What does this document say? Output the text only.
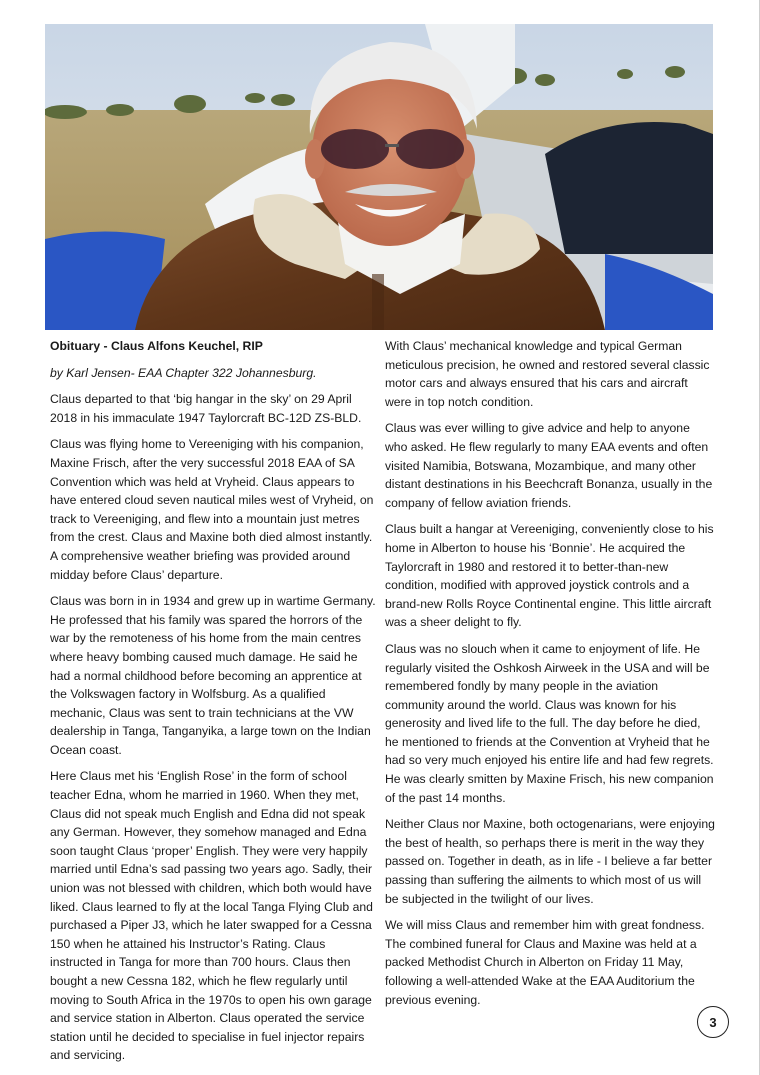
Obituary - Claus Alfons Keuchel, RIP

by Karl Jensen- EAA Chapter 322 Johannesburg.

Claus departed to that ‘big hangar in the sky’ on 29 April 2018 in his immaculate 1947 Taylorcraft BC-12D ZS-BLD.

Claus was flying home to Vereeniging with his companion, Maxine Frisch, after the very successful 2018 EAA of SA Convention which was held at Vryheid. Claus appears to have entered cloud seven nautical miles west of Vryheid, on track to Vereeniging, and flew into a mountain just metres from the crest. Claus and Maxine both died almost instantly. A comprehensive weather briefing was provided around midday before Claus’ departure.

Claus was born in in 1934 and grew up in wartime Germany. He professed that his family was spared the horrors of the war by the remoteness of his home from the main centres where heavy bombing caused much damage. He said he had a normal childhood before becoming an apprentice at the Volkswagen factory in Wolfsburg. As a qualified mechanic, Claus was sent to train technicians at the VW dealership in Tanga, Tanganyika, a large town on the Indian Ocean coast.

Here Claus met his ‘English Rose’ in the form of school teacher Edna, whom he married in 1960. When they met, Claus did not speak much English and Edna did not speak any German. However, they somehow managed and Edna soon taught Claus ‘proper’ English. They were very happily married until Edna’s sad passing two years ago. Sadly, their union was not blessed with children, which both would have liked. Claus learned to fly at the local Tanga Flying Club and purchased a Piper J3, which he later swapped for a Cessna 150 when he attained his Instructor’s Rating. Claus instructed in Tanga for more than 700 hours. Claus then bought a new Cessna 182, which he flew regularly until moving to South Africa in the 1970s to open his own garage and service station in Alberton. Claus operated the service station until he decided to specialise in fuel injector repairs and servicing.

With Claus’ mechanical knowledge and typical German meticulous precision, he owned and restored several classic motor cars and always ensured that his cars and aircraft were in top notch condition.

Claus was ever willing to give advice and help to anyone who asked. He flew regularly to many EAA events and often visited Namibia, Botswana, Mozambique, and many other distant destinations in his Beechcraft Bonanza, usually in the company of fellow aviation friends.

Claus built a hangar at Vereeniging, conveniently close to his home in Alberton to house his ‘Bonnie’. He acquired the Taylorcraft in 1980 and restored it to better-than-new condition, modified with approved joystick controls and a brand-new Rolls Royce Continental engine. This little aircraft was a sheer delight to fly.

Claus was no slouch when it came to enjoyment of life. He regularly visited the Oshkosh Airweek in the USA and will be remembered fondly by many people in the aviation community around the world. Claus was known for his generosity and lived life to the full. The day before he died, he mentioned to friends at the Convention at Vryheid that he had so very much enjoyed his entire life and had few regrets. He was clearly smitten by Maxine Frisch, his new companion of the past 14 months.

Neither Claus nor Maxine, both octogenarians, were enjoying the best of health, so perhaps there is merit in the way they passed on. Together in death, as in life - I believe a far better passing than suffering the ailments to which most of us will be subjected in the twilight of our lives.

We will miss Claus and remember him with great fondness. The combined funeral for Claus and Maxine was held at a packed Methodist Church in Alberton on Friday 11 May, following a well-attended Wake at the EAA Auditorium the previous evening.

3
